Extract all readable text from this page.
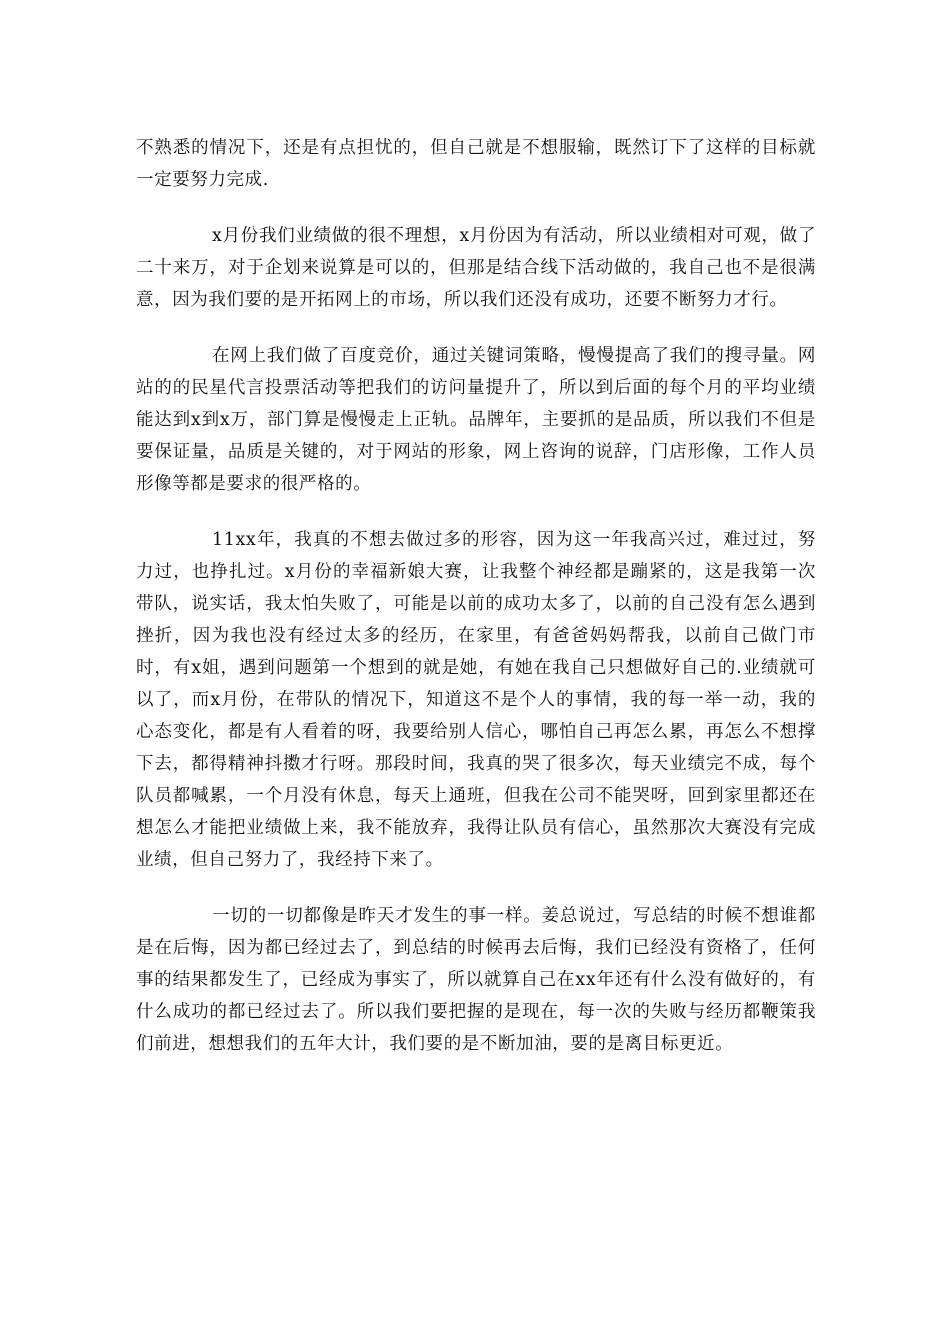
不熟悉的情况下，还是有点担忧的，但自己就是不想服输，既然订下了这样的目标就一定要努力完成.

x月份我们业绩做的很不理想，x月份因为有活动，所以业绩相对可观，做了二十来万，对于企划来说算是可以的，但那是结合线下活动做的，我自己也不是很满意，因为我们要的是开拓网上的市场，所以我们还没有成功，还要不断努力才行。

在网上我们做了百度竞价，通过关键词策略，慢慢提高了我们的搜寻量。网站的的民星代言投票活动等把我们的访问量提升了，所以到后面的每个月的平均业绩能达到x到x万，部门算是慢慢走上正轨。品牌年，主要抓的是品质，所以我们不但是要保证量，品质是关键的，对于网站的形象，网上咨询的说辞，门店形像，工作人员形像等都是要求的很严格的。

11xx年，我真的不想去做过多的形容，因为这一年我高兴过，难过过，努力过，也挣扎过。x月份的幸福新娘大赛，让我整个神经都是蹦紧的，这是我第一次带队，说实话，我太怕失败了，可能是以前的成功太多了，以前的自己没有怎么遇到挫折，因为我也没有经过太多的经历，在家里，有爸爸妈妈帮我，以前自己做门市时，有x姐，遇到问题第一个想到的就是她，有她在我自己只想做好自己的.业绩就可以了，而x月份，在带队的情况下，知道这不是个人的事情，我的每一举一动，我的心态变化，都是有人看着的呀，我要给别人信心，哪怕自己再怎么累，再怎么不想撑下去，都得精神抖擞才行呀。那段时间，我真的哭了很多次，每天业绩完不成，每个队员都喊累，一个月没有休息，每天上通班，但我在公司不能哭呀，回到家里都还在想怎么才能把业绩做上来，我不能放弃，我得让队员有信心，虽然那次大赛没有完成业绩，但自己努力了，我经持下来了。

一切的一切都像是昨天才发生的事一样。姜总说过，写总结的时候不想谁都是在后悔，因为都已经过去了，到总结的时候再去后悔，我们已经没有资格了，任何事的结果都发生了，已经成为事实了，所以就算自己在xx年还有什么没有做好的，有什么成功的都已经过去了。所以我们要把握的是现在，每一次的失败与经历都鞭策我们前进，想想我们的五年大计，我们要的是不断加油，要的是离目标更近。
